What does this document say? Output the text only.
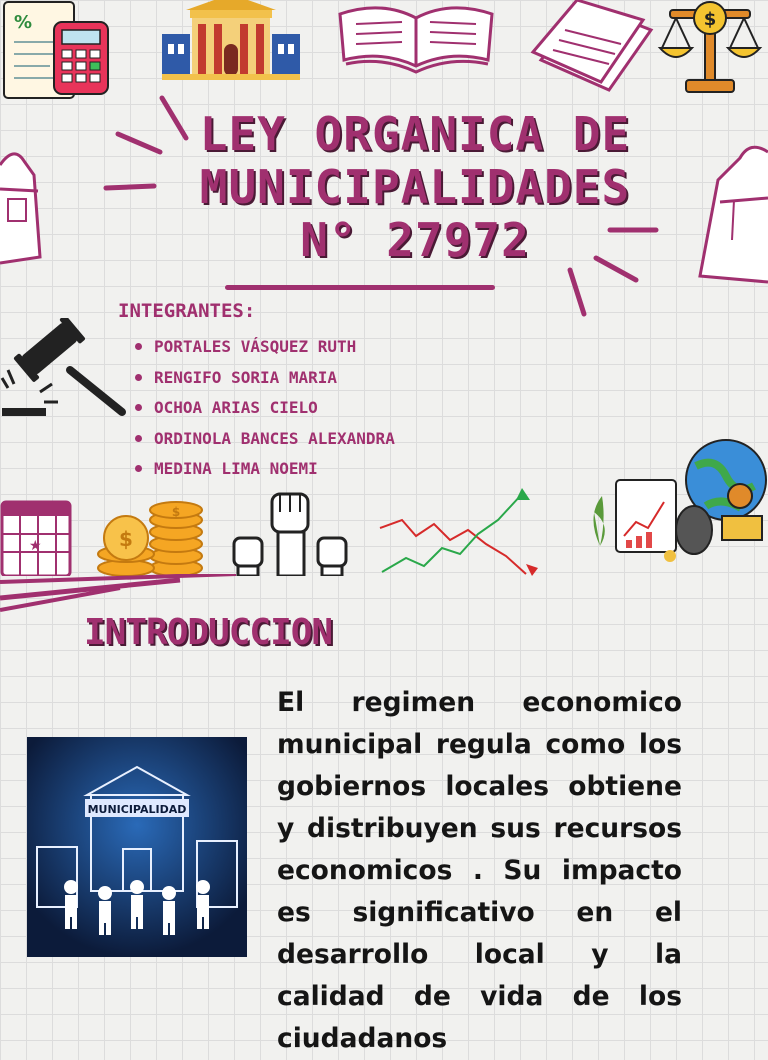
%	$
LEY ORGANICA DE
MUNICIPALIDADES
N° 27972
INTEGRANTES:
PORTALES VÁSQUEZ RUTH
RENGIFO SORIA MARIA
OCHOA ARIAS CIELO
ORDINOLA BANCES ALEXANDRA
MEDINA LIMA NOEMI
★	$
$
INTRODUCCION
MUNICIPALIDAD
El regimen economico municipal regula como los gobiernos locales obtiene y distribuyen sus recursos economicos . Su impacto es significativo en el desarrollo local y la calidad de vida de los ciudadanos
